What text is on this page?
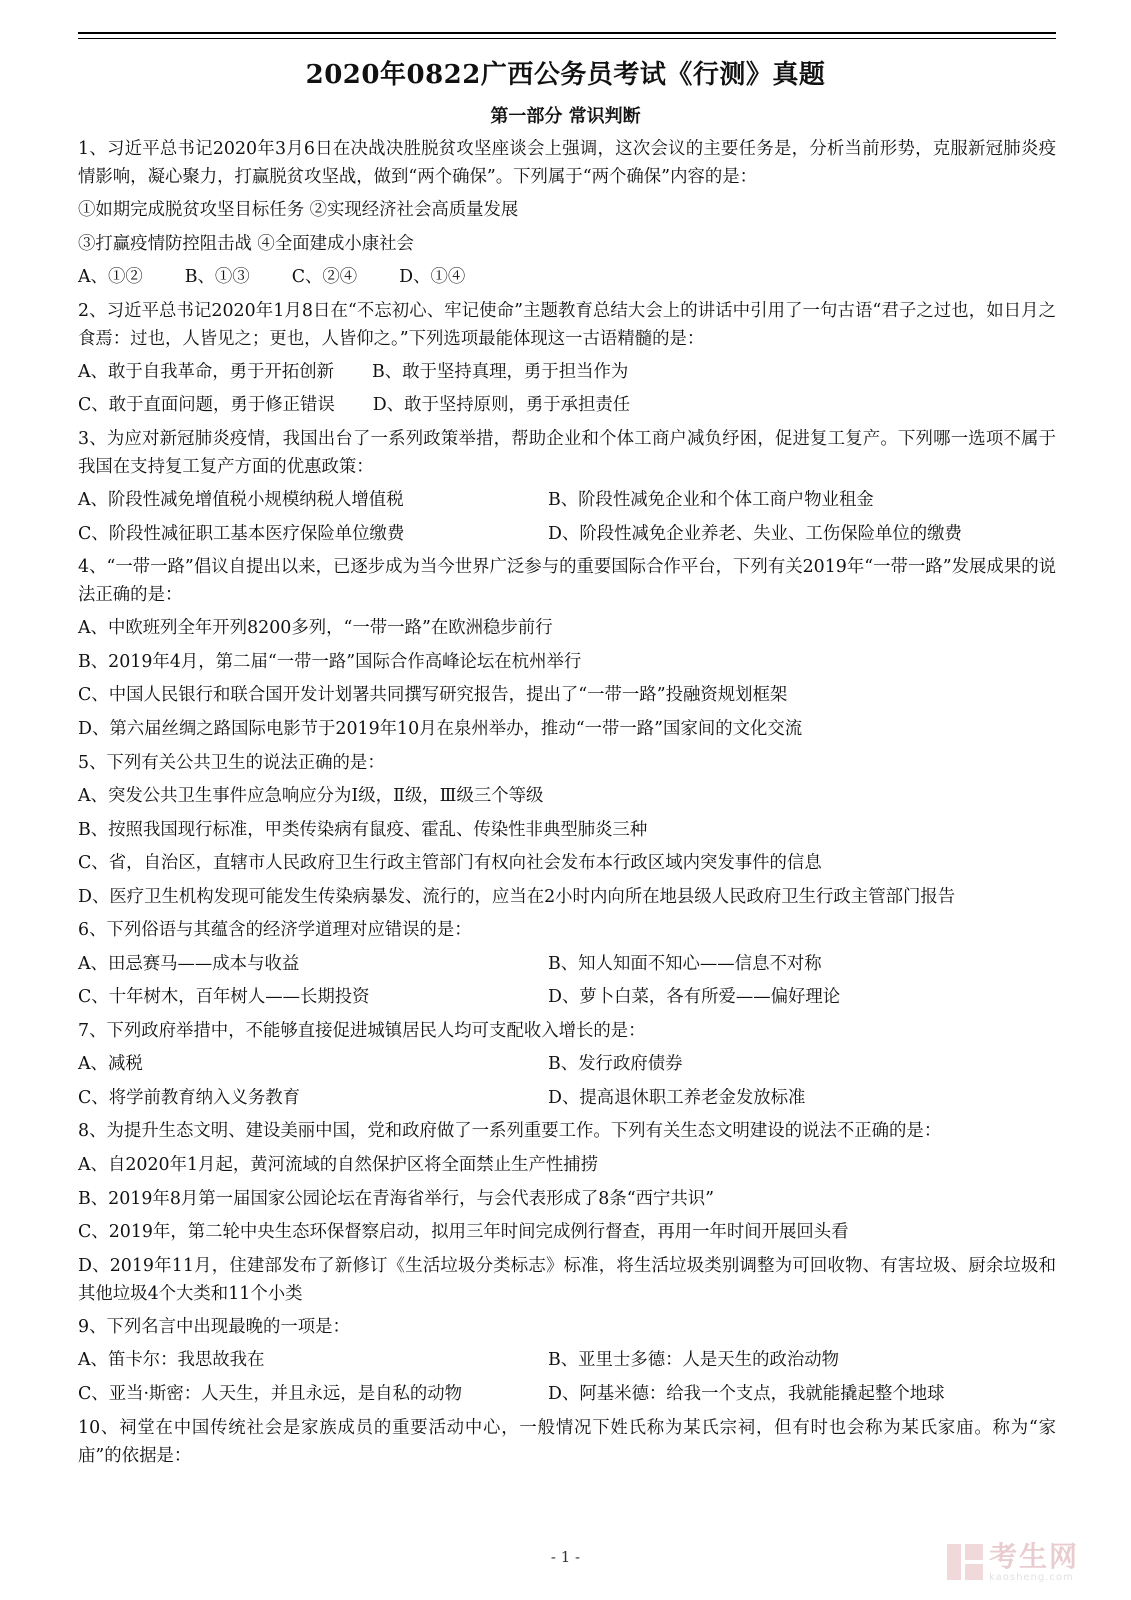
2020年0822广西公务员考试《行测》真题
第一部分 常识判断
1、习近平总书记2020年3月6日在决战决胜脱贫攻坚座谈会上强调，这次会议的主要任务是，分析当前形势，克服新冠肺炎疫情影响，凝心聚力，打赢脱贫攻坚战，做到“两个确保”。下列属于“两个确保”内容的是：
①如期完成脱贫攻坚目标任务 ②实现经济社会高质量发展
③打赢疫情防控阻击战 ④全面建成小康社会
A、①② B、①③ C、②④ D、①④
2、习近平总书记2020年1月8日在“不忘初心、牢记使命”主题教育总结大会上的讲话中引用了一句古语“君子之过也，如日月之食焉：过也，人皆见之；更也，人皆仰之。”下列选项最能体现这一古语精髓的是：
A、敢于自我革命，勇于开拓创新 B、敢于坚持真理，勇于担当作为
C、敢于直面问题，勇于修正错误 D、敢于坚持原则，勇于承担责任
3、为应对新冠肺炎疫情，我国出台了一系列政策举措，帮助企业和个体工商户减负纾困，促进复工复产。下列哪一选项不属于我国在支持复工复产方面的优惠政策：
A、阶段性减免增值税小规模纳税人增值税	B、阶段性减免企业和个体工商户物业租金
C、阶段性减征职工基本医疗保险单位缴费	D、阶段性减免企业养老、失业、工伤保险单位的缴费
4、“一带一路”倡议自提出以来，已逐步成为当今世界广泛参与的重要国际合作平台，下列有关2019年“一带一路”发展成果的说法正确的是：
A、中欧班列全年开列8200多列，“一带一路”在欧洲稳步前行
B、2019年4月，第二届“一带一路”国际合作高峰论坛在杭州举行
C、中国人民银行和联合国开发计划署共同撰写研究报告，提出了“一带一路”投融资规划框架
D、第六届丝绸之路国际电影节于2019年10月在泉州举办，推动“一带一路”国家间的文化交流
5、下列有关公共卫生的说法正确的是：
A、突发公共卫生事件应急响应分为Ⅰ级，Ⅱ级，Ⅲ级三个等级
B、按照我国现行标准，甲类传染病有鼠疫、霍乱、传染性非典型肺炎三种
C、省，自治区，直辖市人民政府卫生行政主管部门有权向社会发布本行政区域内突发事件的信息
D、医疗卫生机构发现可能发生传染病暴发、流行的，应当在2小时内向所在地县级人民政府卫生行政主管部门报告
6、下列俗语与其蕴含的经济学道理对应错误的是：
A、田忌赛马——成本与收益	B、知人知面不知心——信息不对称
C、十年树木，百年树人——长期投资	D、萝卜白菜，各有所爱——偏好理论
7、下列政府举措中，不能够直接促进城镇居民人均可支配收入增长的是：
A、减税	B、发行政府债券
C、将学前教育纳入义务教育	D、提高退休职工养老金发放标准
8、为提升生态文明、建设美丽中国，党和政府做了一系列重要工作。下列有关生态文明建设的说法不正确的是：
A、自2020年1月起，黄河流域的自然保护区将全面禁止生产性捕捞
B、2019年8月第一届国家公园论坛在青海省举行，与会代表形成了8条“西宁共识”
C、2019年，第二轮中央生态环保督察启动，拟用三年时间完成例行督查，再用一年时间开展回头看
D、2019年11月，住建部发布了新修订《生活垃圾分类标志》标准，将生活垃圾类别调整为可回收物、有害垃圾、厨余垃圾和其他垃圾4个大类和11个小类
9、下列名言中出现最晚的一项是：
A、笛卡尔：我思故我在	B、亚里士多德：人是天生的政治动物
C、亚当·斯密：人天生，并且永远，是自私的动物	D、阿基米德：给我一个支点，我就能撬起整个地球
10、祠堂在中国传统社会是家族成员的重要活动中心，一般情况下姓氏称为某氏宗祠，但有时也会称为某氏家庙。称为“家庙”的依据是：
- 1 -	考生网
kaosheng.com
